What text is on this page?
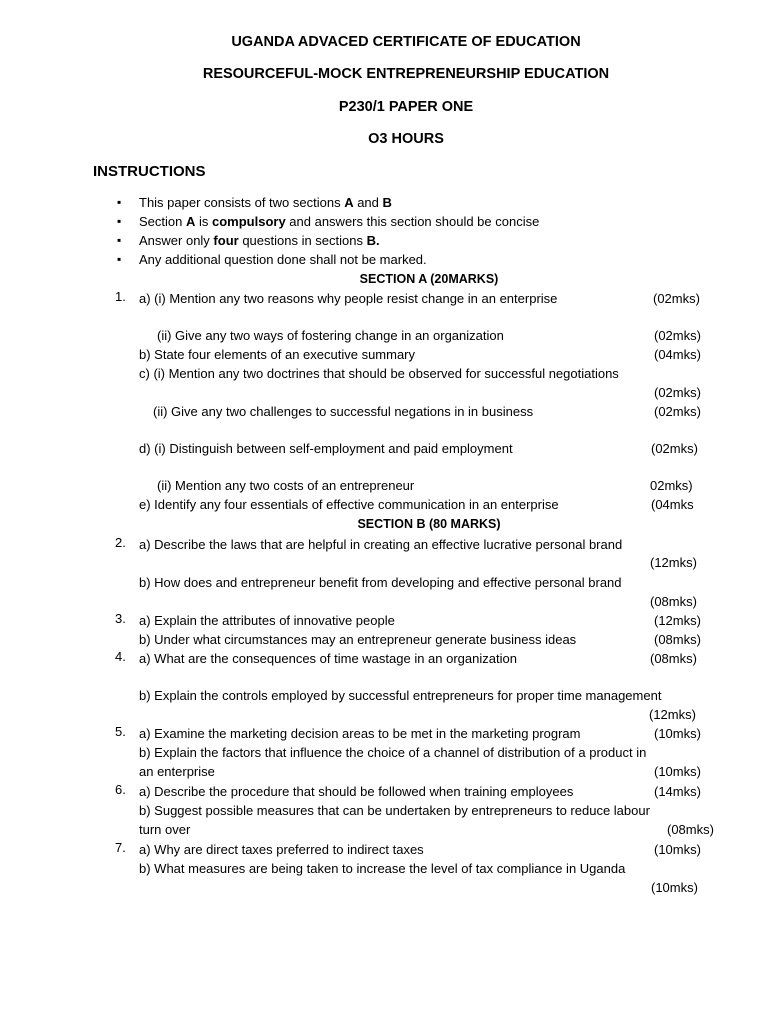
UGANDA ADVACED CERTIFICATE OF EDUCATION
RESOURCEFUL-MOCK ENTREPRENEURSHIP EDUCATION
P230/1 PAPER ONE
O3 HOURS
INSTRUCTIONS
▪ This paper consists of two sections A and B
▪ Section A is compulsory and answers this section should be concise
▪ Answer only four questions in sections B.
▪ Any additional question done shall not be marked.
SECTION A (20MARKS)
1. a) (i) Mention any two reasons why people resist change in an enterprise	(02mks)
(ii) Give any two ways of fostering change in an organization	(02mks)
b) State four elements of an executive summary	(04mks)
c) (i) Mention any two doctrines that should be observed for successful negotiations
(02mks)
(ii) Give any two challenges to successful negations in in business	(02mks)
d) (i) Distinguish between self-employment and paid employment	(02mks)
(ii) Mention any two costs of an entrepreneur	02mks)
e) Identify any four essentials of effective communication in an enterprise	(04mks
SECTION B (80 MARKS)
2. a) Describe the laws that are helpful in creating an effective lucrative personal brand
(12mks)
b) How does and entrepreneur benefit from developing and effective personal brand
(08mks)
3. a) Explain the attributes of innovative people	(12mks)
b) Under what circumstances may an entrepreneur generate business ideas	(08mks)
4. a) What are the consequences of time wastage in an organization	(08mks)
b) Explain the controls employed by successful entrepreneurs for proper time management
(12mks)
5. a) Examine the marketing decision areas to be met in the marketing program	(10mks)
b) Explain the factors that influence the choice of a channel of distribution of a product in
an enterprise	(10mks)
6. a) Describe the procedure that should be followed when training employees	(14mks)
b) Suggest possible measures that can be undertaken by entrepreneurs to reduce labour
turn over	(08mks)
7. a) Why are direct taxes preferred to indirect taxes	(10mks)
b) What measures are being taken to increase the level of tax compliance in Uganda
(10mks)
